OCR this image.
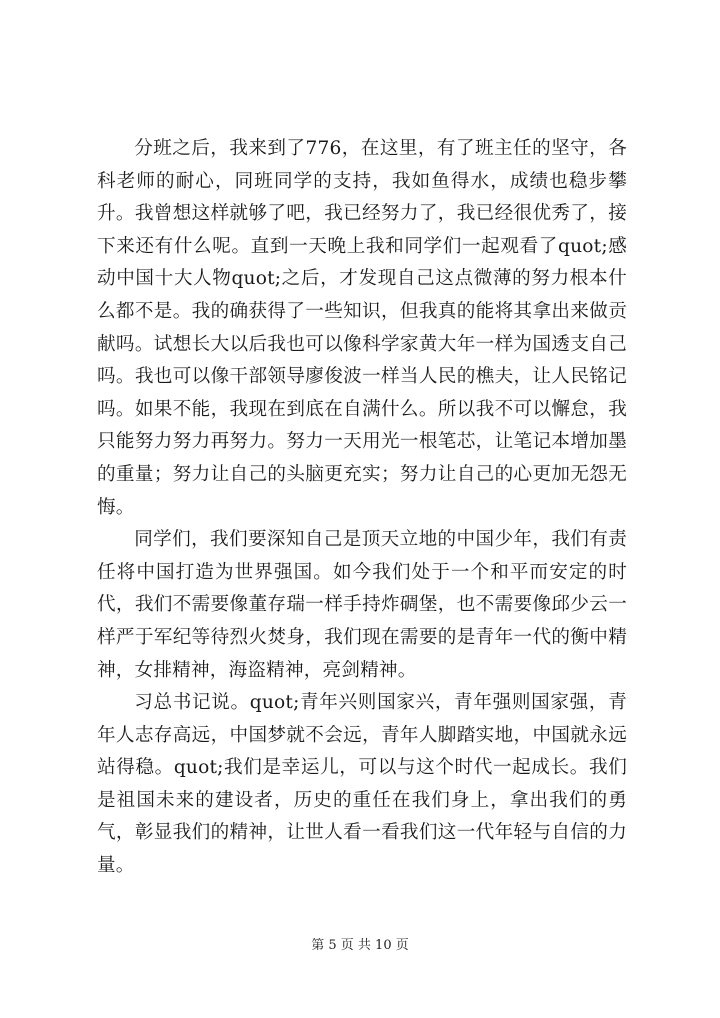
分班之后，我来到了776，在这里，有了班主任的坚守，各科老师的耐心，同班同学的支持，我如鱼得水，成绩也稳步攀升。我曾想这样就够了吧，我已经努力了，我已经很优秀了，接下来还有什么呢。直到一天晚上我和同学们一起观看了quot;感动中国十大人物quot;之后，才发现自己这点微薄的努力根本什么都不是。我的确获得了一些知识，但我真的能将其拿出来做贡献吗。试想长大以后我也可以像科学家黄大年一样为国透支自己吗。我也可以像干部领导廖俊波一样当人民的樵夫，让人民铭记吗。如果不能，我现在到底在自满什么。所以我不可以懈怠，我只能努力努力再努力。努力一天用光一根笔芯，让笔记本增加墨的重量；努力让自己的头脑更充实；努力让自己的心更加无怨无悔。

同学们，我们要深知自己是顶天立地的中国少年，我们有责任将中国打造为世界强国。如今我们处于一个和平而安定的时代，我们不需要像董存瑞一样手持炸碉堡，也不需要像邱少云一样严于军纪等待烈火焚身，我们现在需要的是青年一代的衡中精神，女排精神，海盗精神，亮剑精神。

习总书记说。quot;青年兴则国家兴，青年强则国家强，青年人志存高远，中国梦就不会远，青年人脚踏实地，中国就永远站得稳。quot;我们是幸运儿，可以与这个时代一起成长。我们是祖国未来的建设者，历史的重任在我们身上，拿出我们的勇气，彰显我们的精神，让世人看一看我们这一代年轻与自信的力量。

第 5 页 共 10 页
